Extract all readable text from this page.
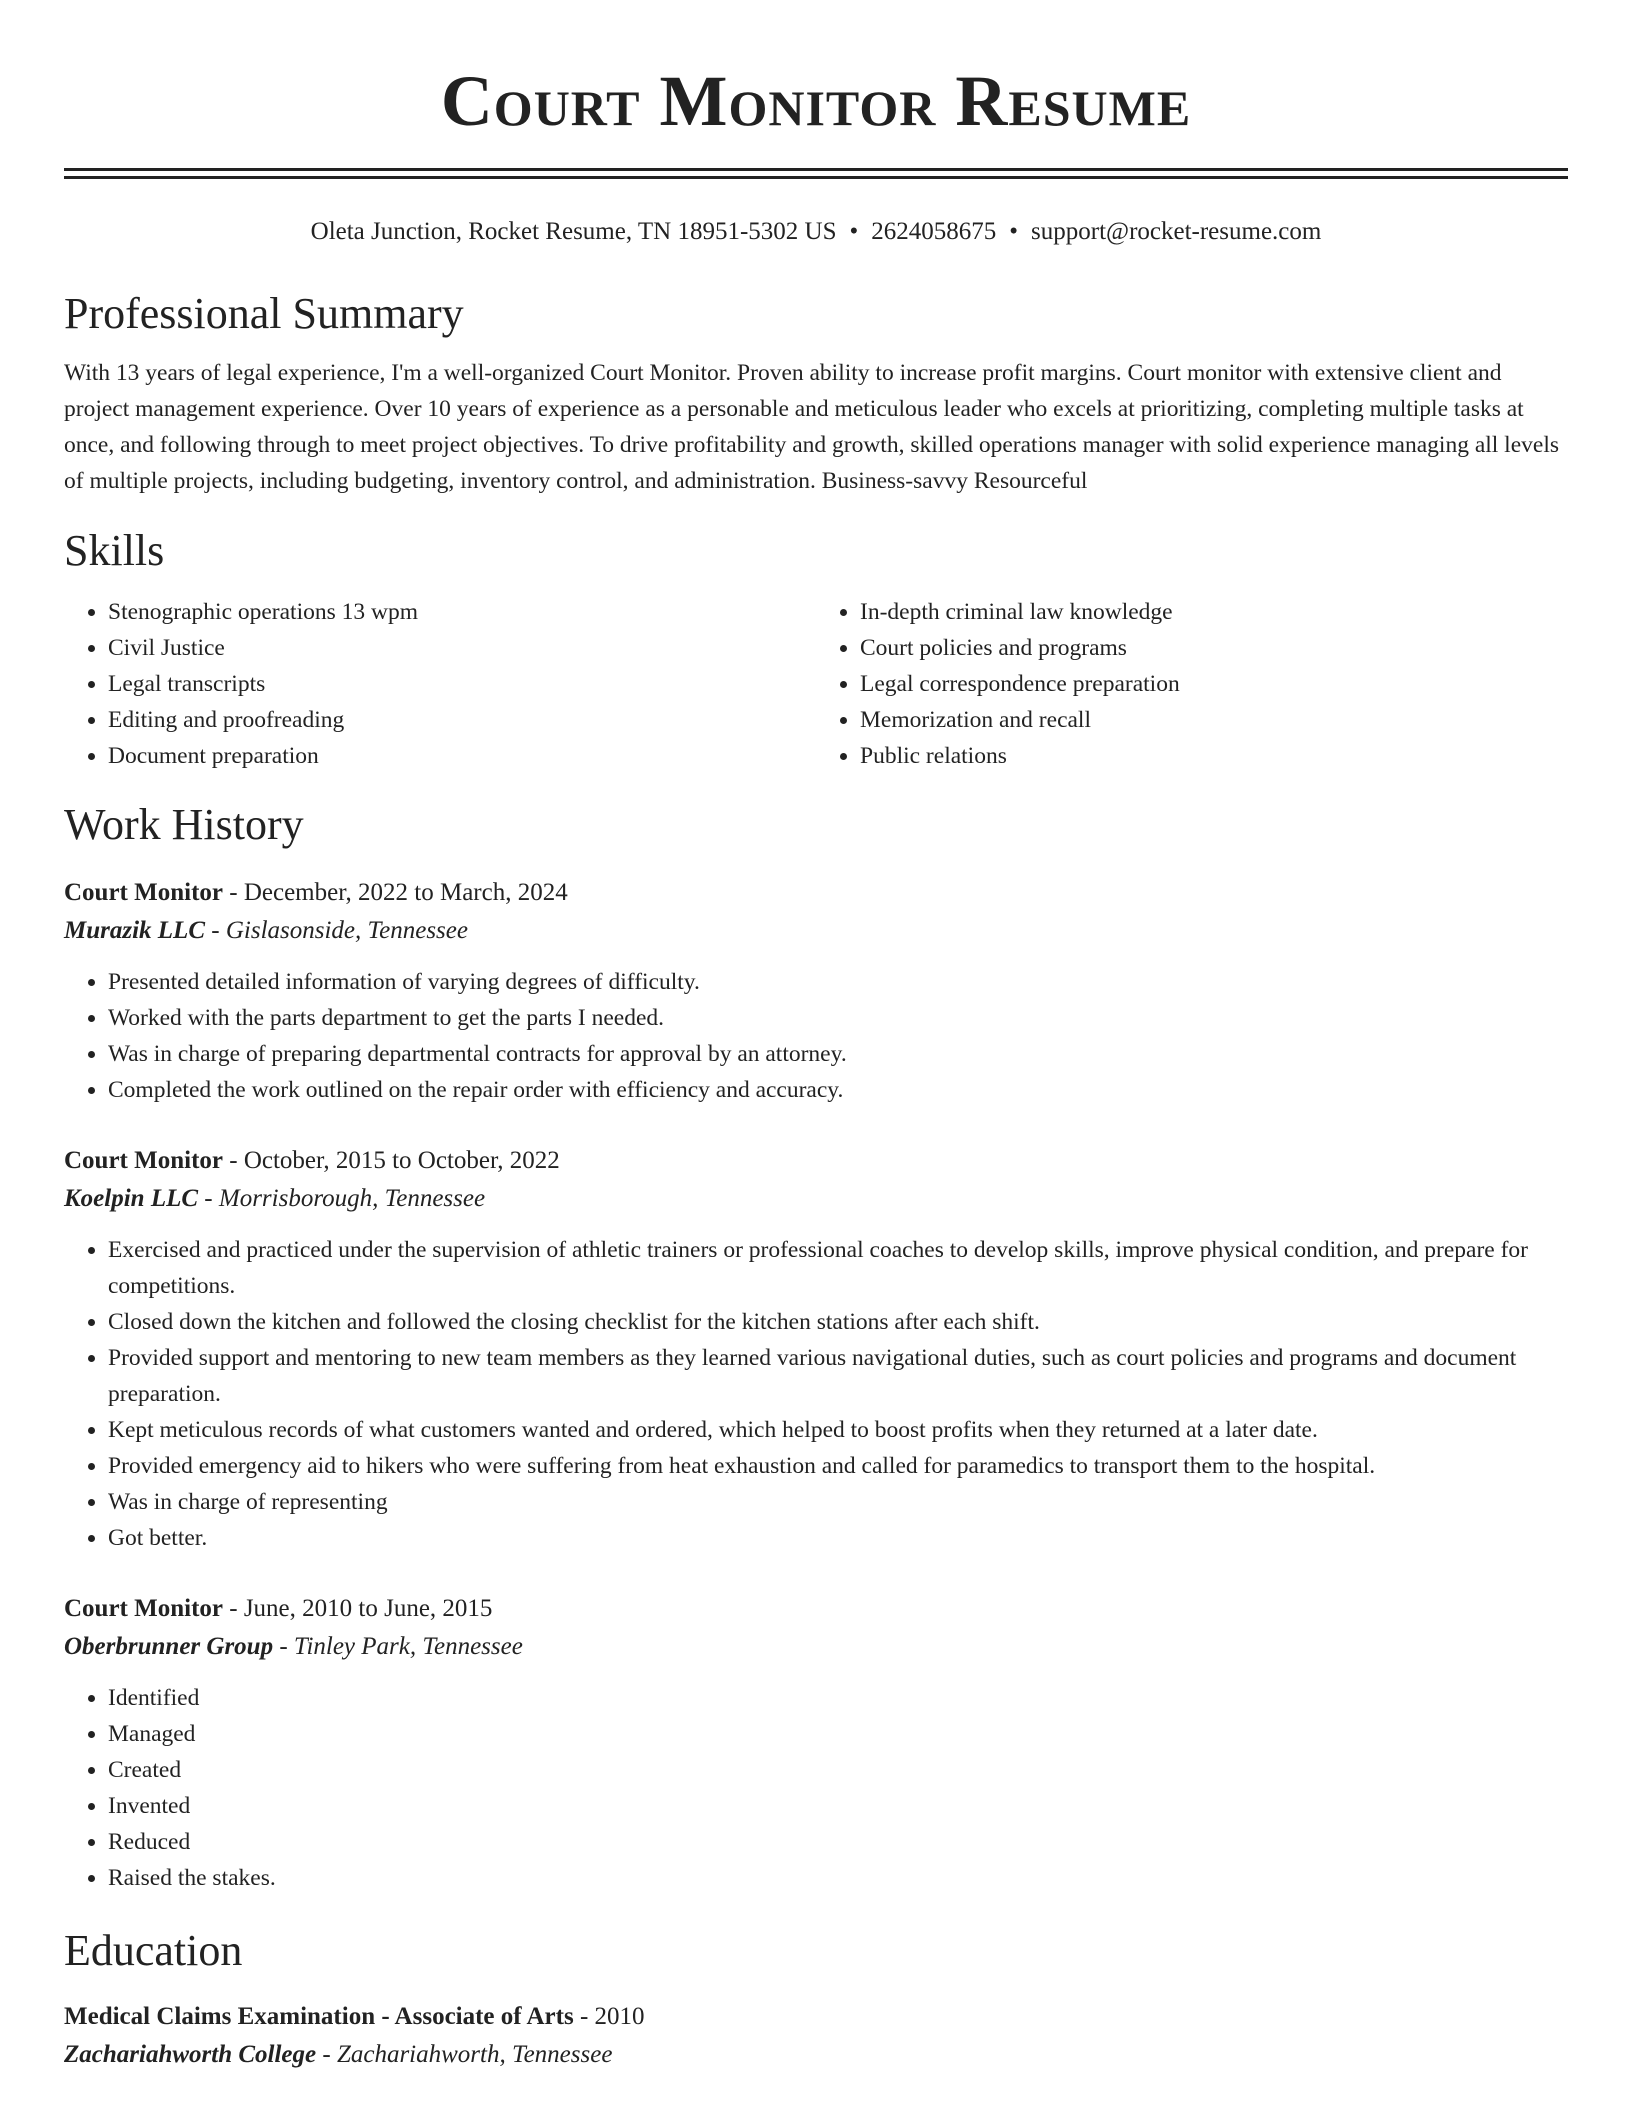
Court Monitor Resume
Oleta Junction, Rocket Resume, TN 18951-5302 US • 2624058675 • support@rocket-resume.com
Professional Summary
With 13 years of legal experience, I'm a well-organized Court Monitor. Proven ability to increase profit margins. Court monitor with extensive client and project management experience. Over 10 years of experience as a personable and meticulous leader who excels at prioritizing, completing multiple tasks at once, and following through to meet project objectives. To drive profitability and growth, skilled operations manager with solid experience managing all levels of multiple projects, including budgeting, inventory control, and administration. Business-savvy Resourceful
Skills
• Stenographic operations 13 wpm
• Civil Justice
• Legal transcripts
• Editing and proofreading
• Document preparation
• In-depth criminal law knowledge
• Court policies and programs
• Legal correspondence preparation
• Memorization and recall
• Public relations
Work History
Court Monitor - December, 2022 to March, 2024
Murazik LLC - Gislasonside, Tennessee
• Presented detailed information of varying degrees of difficulty.
• Worked with the parts department to get the parts I needed.
• Was in charge of preparing departmental contracts for approval by an attorney.
• Completed the work outlined on the repair order with efficiency and accuracy.
Court Monitor - October, 2015 to October, 2022
Koelpin LLC - Morrisborough, Tennessee
• Exercised and practiced under the supervision of athletic trainers or professional coaches to develop skills, improve physical condition, and prepare for competitions.
• Closed down the kitchen and followed the closing checklist for the kitchen stations after each shift.
• Provided support and mentoring to new team members as they learned various navigational duties, such as court policies and programs and document preparation.
• Kept meticulous records of what customers wanted and ordered, which helped to boost profits when they returned at a later date.
• Provided emergency aid to hikers who were suffering from heat exhaustion and called for paramedics to transport them to the hospital.
• Was in charge of representing
• Got better.
Court Monitor - June, 2010 to June, 2015
Oberbrunner Group - Tinley Park, Tennessee
• Identified
• Managed
• Created
• Invented
• Reduced
• Raised the stakes.
Education
Medical Claims Examination - Associate of Arts - 2010
Zachariahworth College - Zachariahworth, Tennessee
